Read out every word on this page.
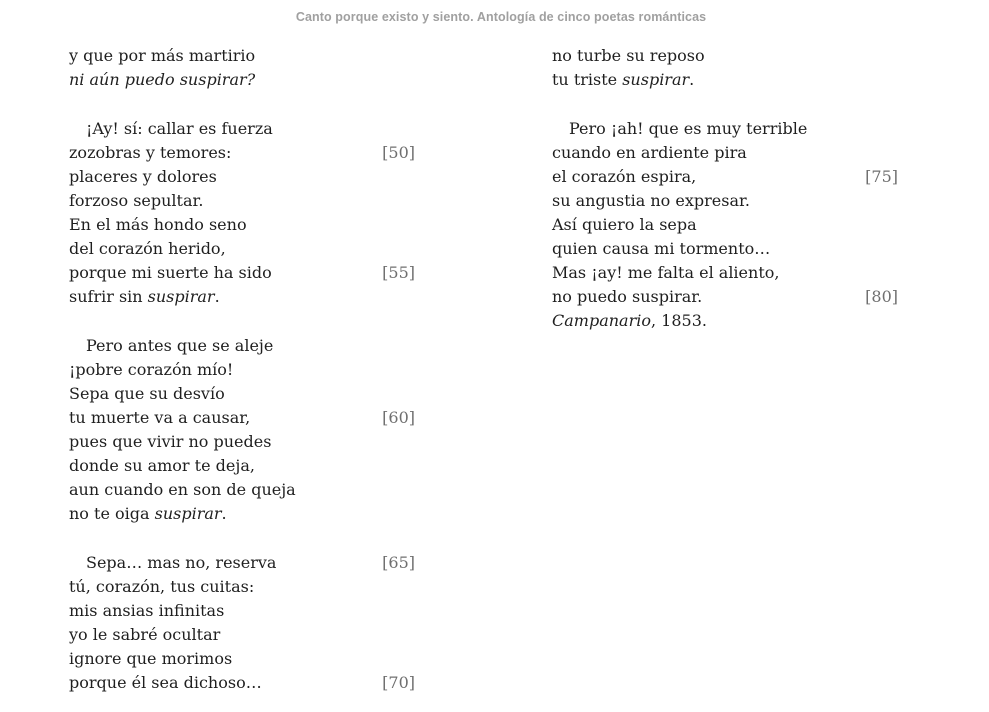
Canto porque existo y siento. Antología de cinco poetas románticas
y que por más martirio
ni aún puedo suspirar?
¡Ay! sí: callar es fuerza
zozobras y temores:	[50]
placeres y dolores
forzoso sepultar.
En el más hondo seno
del corazón herido,
porque mi suerte ha sido	[55]
sufrir sin suspirar.
Pero antes que se aleje
¡pobre corazón mío!
Sepa que su desvío
tu muerte va a causar,	[60]
pues que vivir no puedes
donde su amor te deja,
aun cuando en son de queja
no te oiga suspirar.
Sepa… mas no, reserva	[65]
tú, corazón, tus cuitas:
mis ansias infinitas
yo le sabré ocultar
ignore que morimos
porque él sea dichoso…	[70]
no turbe su reposo
tu triste suspirar.
Pero ¡ah! que es muy terrible
cuando en ardiente pira
el corazón espira,	[75]
su angustia no expresar.
Así quiero la sepa
quien causa mi tormento…
Mas ¡ay! me falta el aliento,
no puedo suspirar.	[80]
Campanario, 1853.
